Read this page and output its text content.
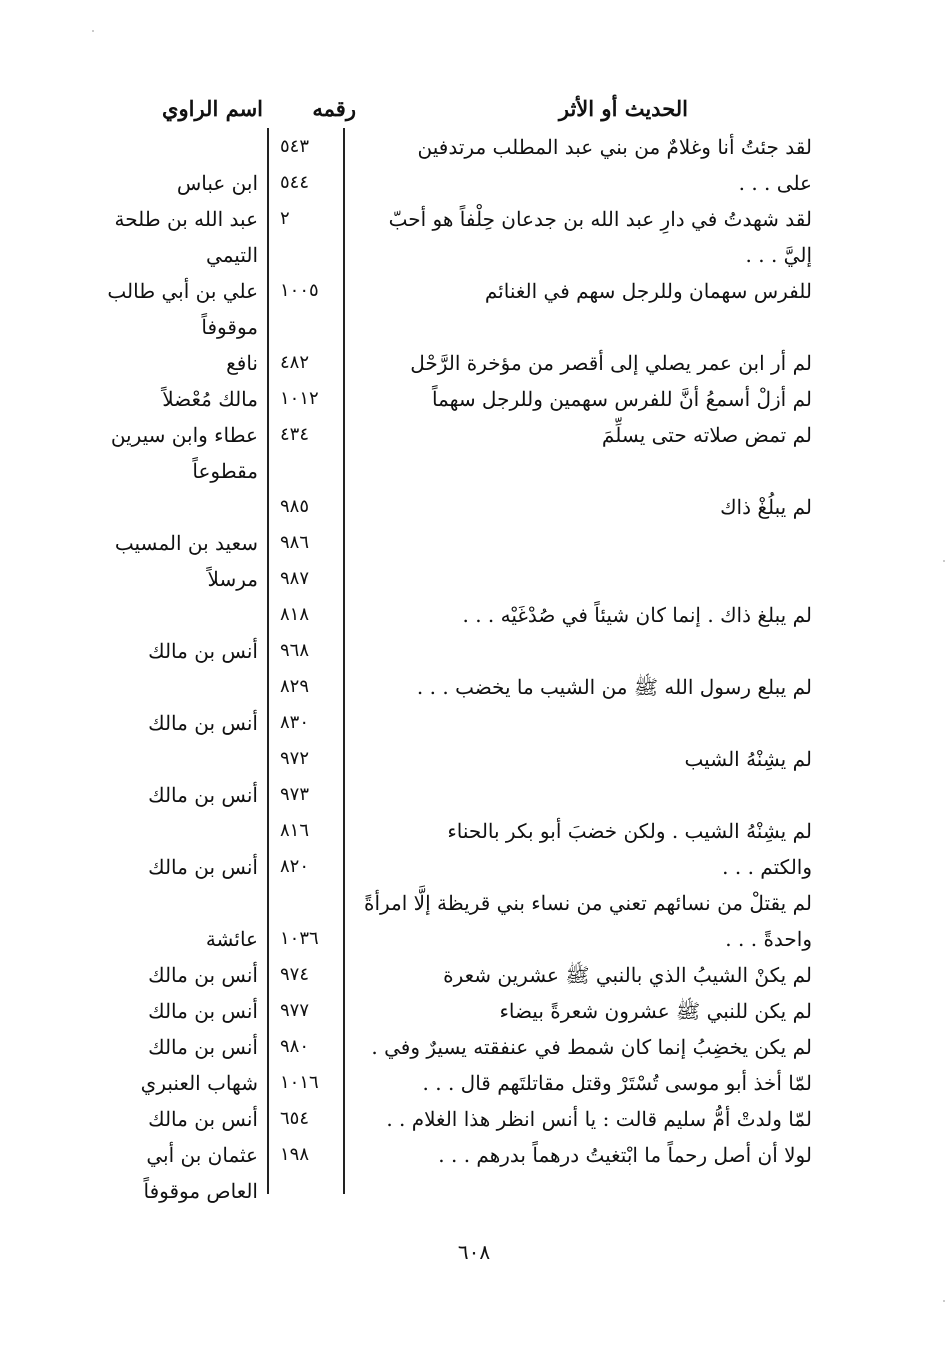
الحديث أو الأثر
رقمه
اسم الراوي
لقد جئتُ أنا وغلامٌ من بني عبد المطلب مرتدفين
٥٤٣
على . . .
٥٤٤
ابن عباس
لقد شهدتُ في دارِ عبد الله بن جدعان حِلْفاً هو أحبّ
٢
عبد الله بن طلحة
إليَّ . . .
التيمي
للفرس سهمان وللرجل سهم في الغنائم
١٠٠٥
علي بن أبي طالب
موقوفاً
لم أر ابن عمر يصلي إلى أقصر من مؤخرة الرَّحْل
٤٨٢
نافع
لم أزلْ أسمعُ أنَّ للفرس سهمين وللرجل سهماً
١٠١٢
مالك مُعْضلاً
لم تمض صلاته حتى يسلِّمَ
٤٣٤
عطاء وابن سيرين
مقطوعاً
لم يبلُغْ ذاك
٩٨٥
٩٨٦
سعيد بن المسيب
٩٨٧
مرسلاً
لم يبلغ ذاك . إنما كان شيئاً في صُدْغَيْه . . .
٨١٨
٩٦٨
أنس بن مالك
لم يبلع رسول الله ﷺ من الشيب ما يخضب . . .
٨٢٩
٨٣٠
أنس بن مالك
لم يشِنْهُ الشيب
٩٧٢
٩٧٣
أنس بن مالك
لم يشِنْهُ الشيب . ولكن خضبَ أبو بكر بالحناء
٨١٦
والكتم . . .
٨٢٠
أنس بن مالك
لم يقتلْ من نسائهم تعني من نساء بني قريظة إلَّا امرأةً
واحدةً . . .
١٠٣٦
عائشة
لم يكنْ الشيبُ الذي بالنبي ﷺ عشرين شعرة
٩٧٤
أنس بن مالك
لم يكن للنبي ﷺ عشرون شعرةً بيضاء
٩٧٧
أنس بن مالك
لم يكن يخضِبُ إنما كان شمط في عنفقته يسيرٌ وفي .
٩٨٠
أنس بن مالك
لمّا أخذ أبو موسى تُسْتَرْ وقتل مقاتلتَهم قال . . .
١٠١٦
شهاب العنبري
لمّا ولدتْ أمُّ سليم قالت : يا أنس انظر هذا الغلام . .
٦٥٤
أنس بن مالك
لولا أن أصل رحماً ما ابْتغيتُ درهماً بدرهم . . .
١٩٨
عثمان بن أبي
العاص موقوفاً
٦٠٨
